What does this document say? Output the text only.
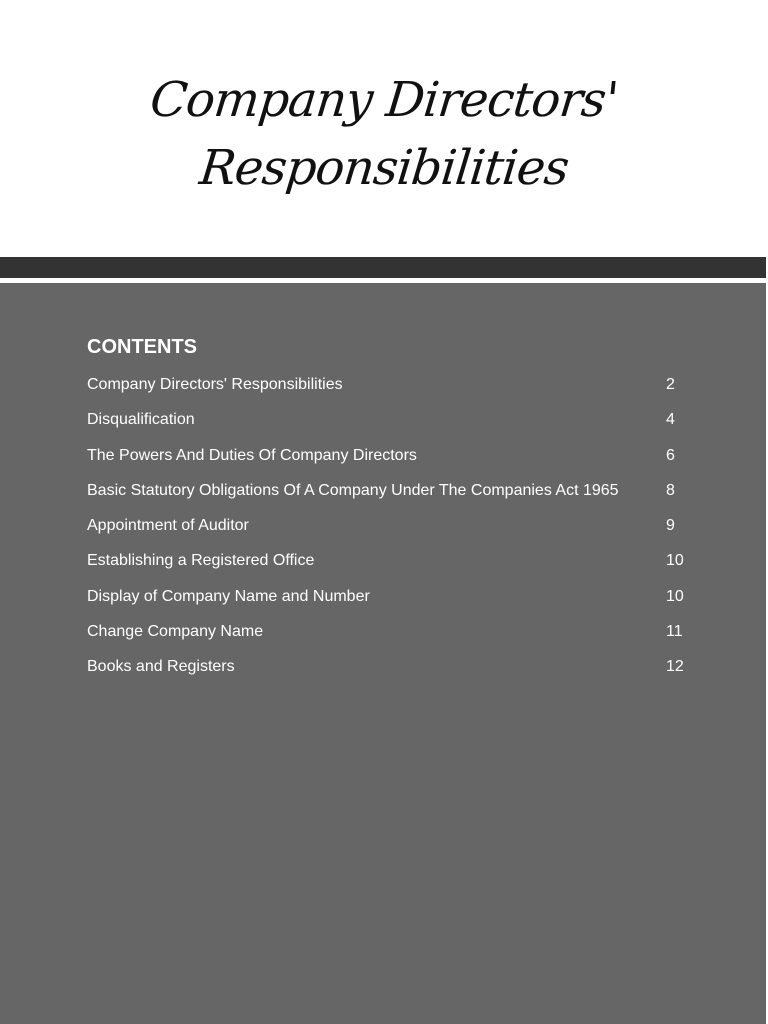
Company Directors'
Responsibilities
CONTENTS
Company Directors' Responsibilities	2
Disqualification	4
The Powers And Duties Of Company Directors	6
Basic Statutory Obligations Of A Company Under The Companies Act 1965	8
Appointment of Auditor	9
Establishing a Registered Office	10
Display of Company Name and Number	10
Change Company Name	11
Books and Registers	12
